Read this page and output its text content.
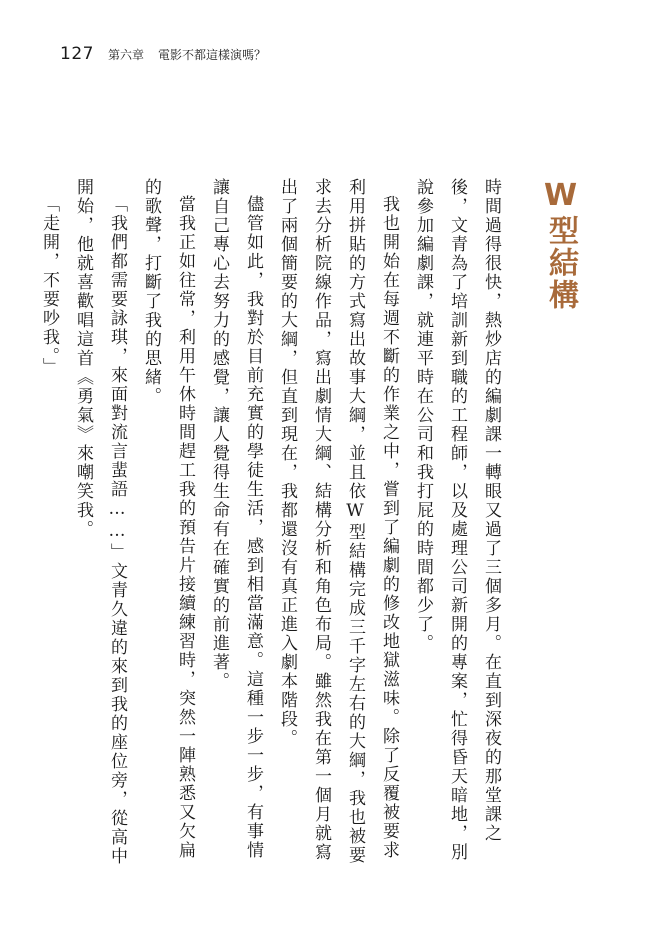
127 第六章 電影不都這樣演嗎？
W型結構

時間過得很快，熱炒店的編劇課一轉眼又過了三個多月。在直到深夜的那堂課之後，文青為了培訓新到職的工程師，以及處理公司新開的專案，忙得昏天暗地，別說參加編劇課，就連平時在公司和我打屁的時間都少了。

我也開始在每週不斷的作業之中，嘗到了編劇的修改地獄滋味。除了反覆被要求利用拼貼的方式寫出故事大綱，並且依W型結構完成三千字左右的大綱，我也被要求去分析院線作品，寫出劇情大綱、結構分析和角色布局。雖然我在第一個月就寫出了兩個簡要的大綱，但直到現在，我都還沒有真正進入劇本階段。

儘管如此，我對於目前充實的學徒生活，感到相當滿意。這種一步一步，有事情讓自己專心去努力的感覺，讓人覺得生命有在確實的前進著。

當我正如往常，利用午休時間趕工我的預告片接續練習時，突然一陣熟悉又欠扁的歌聲，打斷了我的思緒。

「我們都需要詠琪，來面對流言蜚語……」文青久違的來到我的座位旁，從高中開始，他就喜歡唱這首《勇氣》來嘲笑我。

「走開，不要吵我。」
